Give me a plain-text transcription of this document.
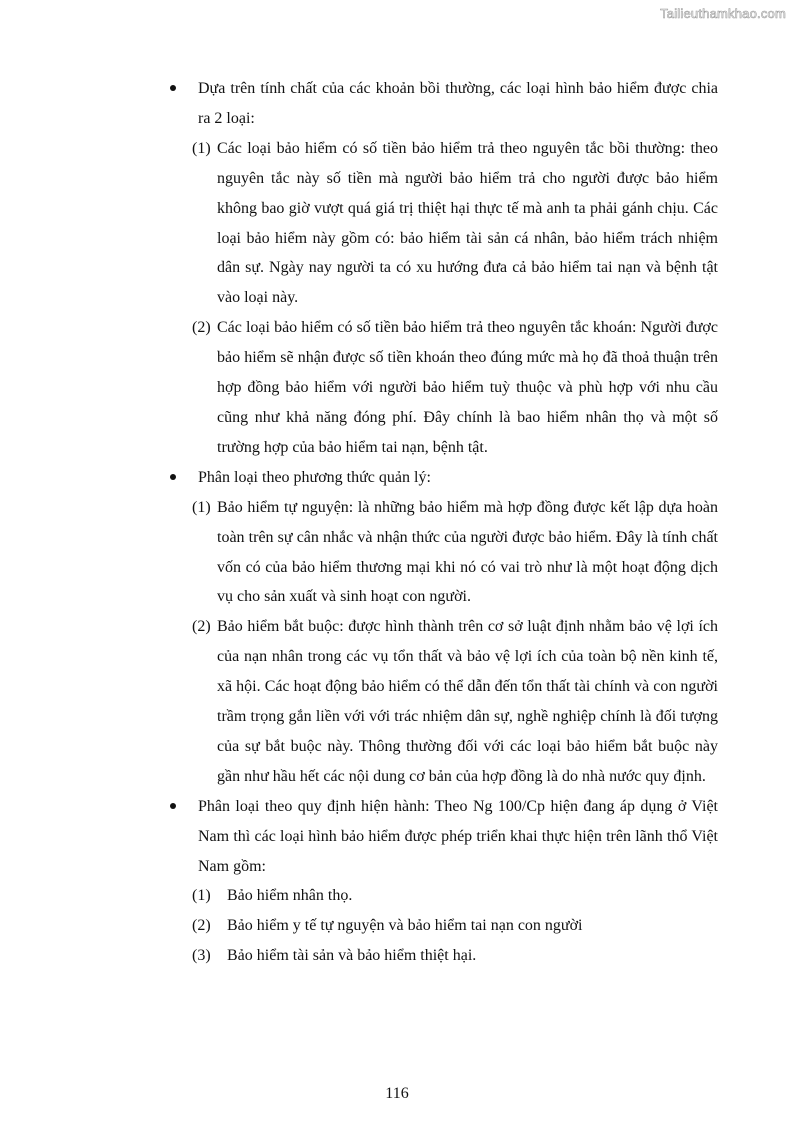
Tailieuthamkhao.com

Dựa trên tính chất của các khoản bồi thường, các loại hình bảo hiểm được chia ra 2 loại:

(1) Các loại bảo hiểm có số tiền bảo hiểm trả theo nguyên tắc bồi thường: theo nguyên tắc này số tiền mà người bảo hiểm trả cho người được bảo hiểm không bao giờ vượt quá giá trị thiệt hại thực tế mà anh ta phải gánh chịu. Các loại bảo hiểm này gồm có: bảo hiểm tài sản cá nhân, bảo hiểm trách nhiệm dân sự. Ngày nay người ta có xu hướng đưa cả bảo hiểm tai nạn và bệnh tật vào loại này.

(2) Các loại bảo hiểm có số tiền bảo hiểm trả theo nguyên tắc khoán: Người được bảo hiểm sẽ nhận được số tiền khoán theo đúng mức mà họ đã thoả thuận trên hợp đồng bảo hiểm với người bảo hiểm tuỳ thuộc và phù hợp với nhu cầu cũng như khả năng đóng phí. Đây chính là bao hiểm nhân thọ và một số trường hợp của bảo hiểm tai nạn, bệnh tật.

Phân loại theo phương thức quản lý:

(1) Bảo hiểm tự nguyện: là những bảo hiểm mà hợp đồng được kết lập dựa hoàn toàn trên sự cân nhắc và nhận thức của người được bảo hiểm. Đây là tính chất vốn có của bảo hiểm thương mại khi nó có vai trò như là một hoạt động dịch vụ cho sản xuất và sinh hoạt con người.

(2) Bảo hiểm bắt buộc: được hình thành trên cơ sở luật định nhằm bảo vệ lợi ích của nạn nhân trong các vụ tổn thất và bảo vệ lợi ích của toàn bộ nền kinh tế, xã hội. Các hoạt động bảo hiểm có thể dẫn đến tổn thất tài chính và con người trầm trọng gắn liền với với trác nhiệm dân sự, nghề nghiệp chính là đối tượng của sự bắt buộc này. Thông thường đối với các loại bảo hiểm bắt buộc này gần như hầu hết các nội dung cơ bản của hợp đồng là do nhà nước quy định.

Phân loại theo quy định hiện hành: Theo Ng 100/Cp hiện đang áp dụng ở Việt Nam thì các loại hình bảo hiểm được phép triển khai thực hiện trên lãnh thổ Việt Nam gồm:

(1) Bảo hiểm nhân thọ.

(2) Bảo hiểm y tế tự nguyện và bảo hiểm tai nạn con người

(3) Bảo hiểm tài sản và bảo hiểm thiệt hại.

116
